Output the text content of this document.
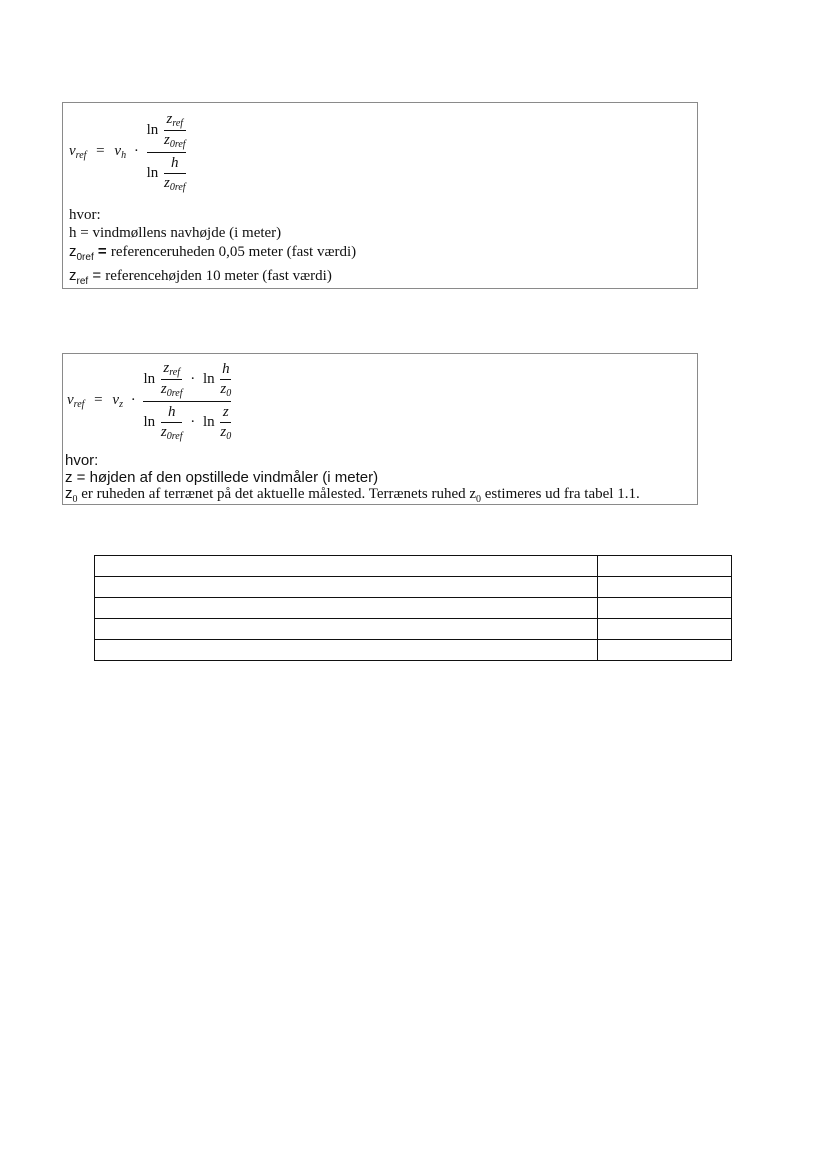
$v_{ref} = v_h \cdot \frac{\ln \frac{z_{ref}}{z_{0ref}}}{\ln \frac{h}{z_{0ref}}}$
hvor:
h = vindmøllens navhøjde (i meter)
$z_{0ref}$ = referenceruheden 0,05 meter (fast værdi)
$z_{ref}$ = referencehøjden 10 meter (fast værdi)
$v_{ref} = v_z \cdot \frac{\ln \frac{z_{ref}}{z_{0ref}} \cdot \ln \frac{h}{z_0}}{\ln \frac{h}{z_{0ref}} \cdot \ln \frac{z}{z_0}}$
hvor:
z = højden af den opstillede vindmåler (i meter)
$z_0$ er ruheden af terrænet på det aktuelle målested. Terrænets ruhed $z_0$ estimeres ud fra tabel 1.1.
